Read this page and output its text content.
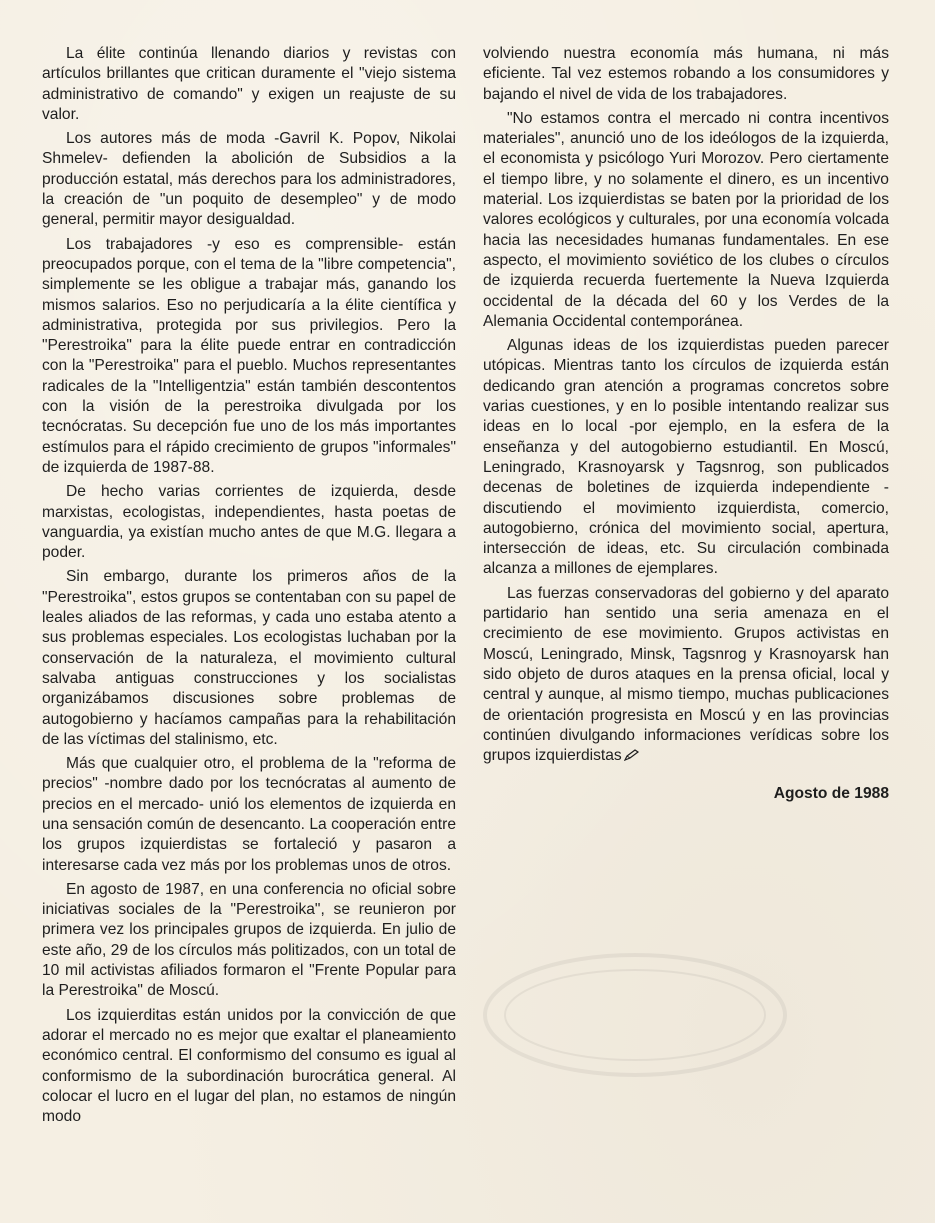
La élite continúa llenando diarios y revistas con artículos brillantes que critican duramente el "viejo sistema administrativo de comando" y exigen un reajuste de su valor.

Los autores más de moda -Gavril K. Popov, Nikolai Shmelev- defienden la abolición de Subsidios a la producción estatal, más derechos para los administradores, la creación de "un poquito de desempleo" y de modo general, permitir mayor desigualdad.

Los trabajadores -y eso es comprensible- están preocupados porque, con el tema de la "libre competencia", simplemente se les obligue a trabajar más, ganando los mismos salarios. Eso no perjudicaría a la élite científica y administrativa, protegida por sus privilegios. Pero la "Perestroika" para la élite puede entrar en contradicción con la "Perestroika" para el pueblo. Muchos representantes radicales de la "Intelligentzia" están también descontentos con la visión de la perestroika divulgada por los tecnócratas. Su decepción fue uno de los más importantes estímulos para el rápido crecimiento de grupos "informales" de izquierda de 1987-88.

De hecho varias corrientes de izquierda, desde marxistas, ecologistas, independientes, hasta poetas de vanguardia, ya existían mucho antes de que M.G. llegara a poder.

Sin embargo, durante los primeros años de la "Perestroika", estos grupos se contentaban con su papel de leales aliados de las reformas, y cada uno estaba atento a sus problemas especiales. Los ecologistas luchaban por la conservación de la naturaleza, el movimiento cultural salvaba antiguas construcciones y los socialistas organizábamos discusiones sobre problemas de autogobierno y hacíamos campañas para la rehabilitación de las víctimas del stalinismo, etc.

Más que cualquier otro, el problema de la "reforma de precios" -nombre dado por los tecnócratas al aumento de precios en el mercado- unió los elementos de izquierda en una sensación común de desencanto. La cooperación entre los grupos izquierdistas se fortaleció y pasaron a interesarse cada vez más por los problemas unos de otros.

En agosto de 1987, en una conferencia no oficial sobre iniciativas sociales de la "Perestroika", se reunieron por primera vez los principales grupos de izquierda. En julio de este año, 29 de los círculos más politizados, con un total de 10 mil activistas afiliados formaron el "Frente Popular para la Perestroika" de Moscú.

Los izquierditas están unidos por la convicción de que adorar el mercado no es mejor que exaltar el planeamiento económico central. El conformismo del consumo es igual al conformismo de la subordinación burocrática general. Al colocar el lucro en el lugar del plan, no estamos de ningún modo

volviendo nuestra economía más humana, ni más eficiente. Tal vez estemos robando a los consumidores y bajando el nivel de vida de los trabajadores.

"No estamos contra el mercado ni contra incentivos materiales", anunció uno de los ideólogos de la izquierda, el economista y psicólogo Yuri Morozov. Pero ciertamente el tiempo libre, y no solamente el dinero, es un incentivo material. Los izquierdistas se baten por la prioridad de los valores ecológicos y culturales, por una economía volcada hacia las necesidades humanas fundamentales. En ese aspecto, el movimiento soviético de los clubes o círculos de izquierda recuerda fuertemente la Nueva Izquierda occidental de la década del 60 y los Verdes de la Alemania Occidental contemporánea.

Algunas ideas de los izquierdistas pueden parecer utópicas. Mientras tanto los círculos de izquierda están dedicando gran atención a programas concretos sobre varias cuestiones, y en lo posible intentando realizar sus ideas en lo local -por ejemplo, en la esfera de la enseñanza y del autogobierno estudiantil. En Moscú, Leningrado, Krasnoyarsk y Tagsnrog, son publicados decenas de boletines de izquierda independiente -discutiendo el movimiento izquierdista, comercio, autogobierno, crónica del movimiento social, apertura, intersección de ideas, etc. Su circulación combinada alcanza a millones de ejemplares.

Las fuerzas conservadoras del gobierno y del aparato partidario han sentido una seria amenaza en el crecimiento de ese movimiento. Grupos activistas en Moscú, Leningrado, Minsk, Tagsnrog y Krasnoyarsk han sido objeto de duros ataques en la prensa oficial, local y central y aunque, al mismo tiempo, muchas publicaciones de orientación progresista en Moscú y en las provincias continúen divulgando informaciones verídicas sobre los grupos izquierdistas

Agosto de 1988
